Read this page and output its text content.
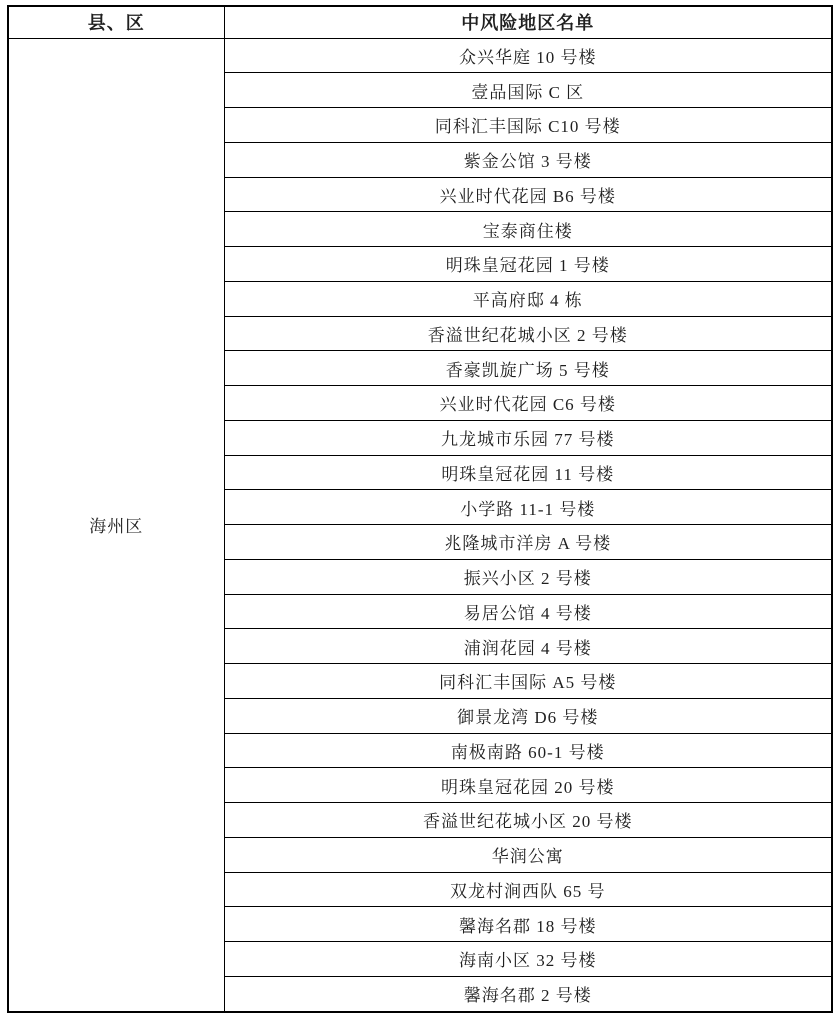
县、区	中风险地区名单
海州区	众兴华庭 10 号楼
	壹品国际 C 区
	同科汇丰国际 C10 号楼
	紫金公馆 3 号楼
	兴业时代花园 B6 号楼
	宝泰商住楼
	明珠皇冠花园 1 号楼
	平高府邸 4 栋
	香溢世纪花城小区 2 号楼
	香豪凯旋广场 5 号楼
	兴业时代花园 C6 号楼
	九龙城市乐园 77 号楼
	明珠皇冠花园 11 号楼
	小学路 11-1 号楼
	兆隆城市洋房 A 号楼
	振兴小区 2 号楼
	易居公馆 4 号楼
	浦润花园 4 号楼
	同科汇丰国际 A5 号楼
	御景龙湾 D6 号楼
	南极南路 60-1 号楼
	明珠皇冠花园 20 号楼
	香溢世纪花城小区 20 号楼
	华润公寓
	双龙村涧西队 65 号
	馨海名郡 18 号楼
	海南小区 32 号楼
	馨海名郡 2 号楼
